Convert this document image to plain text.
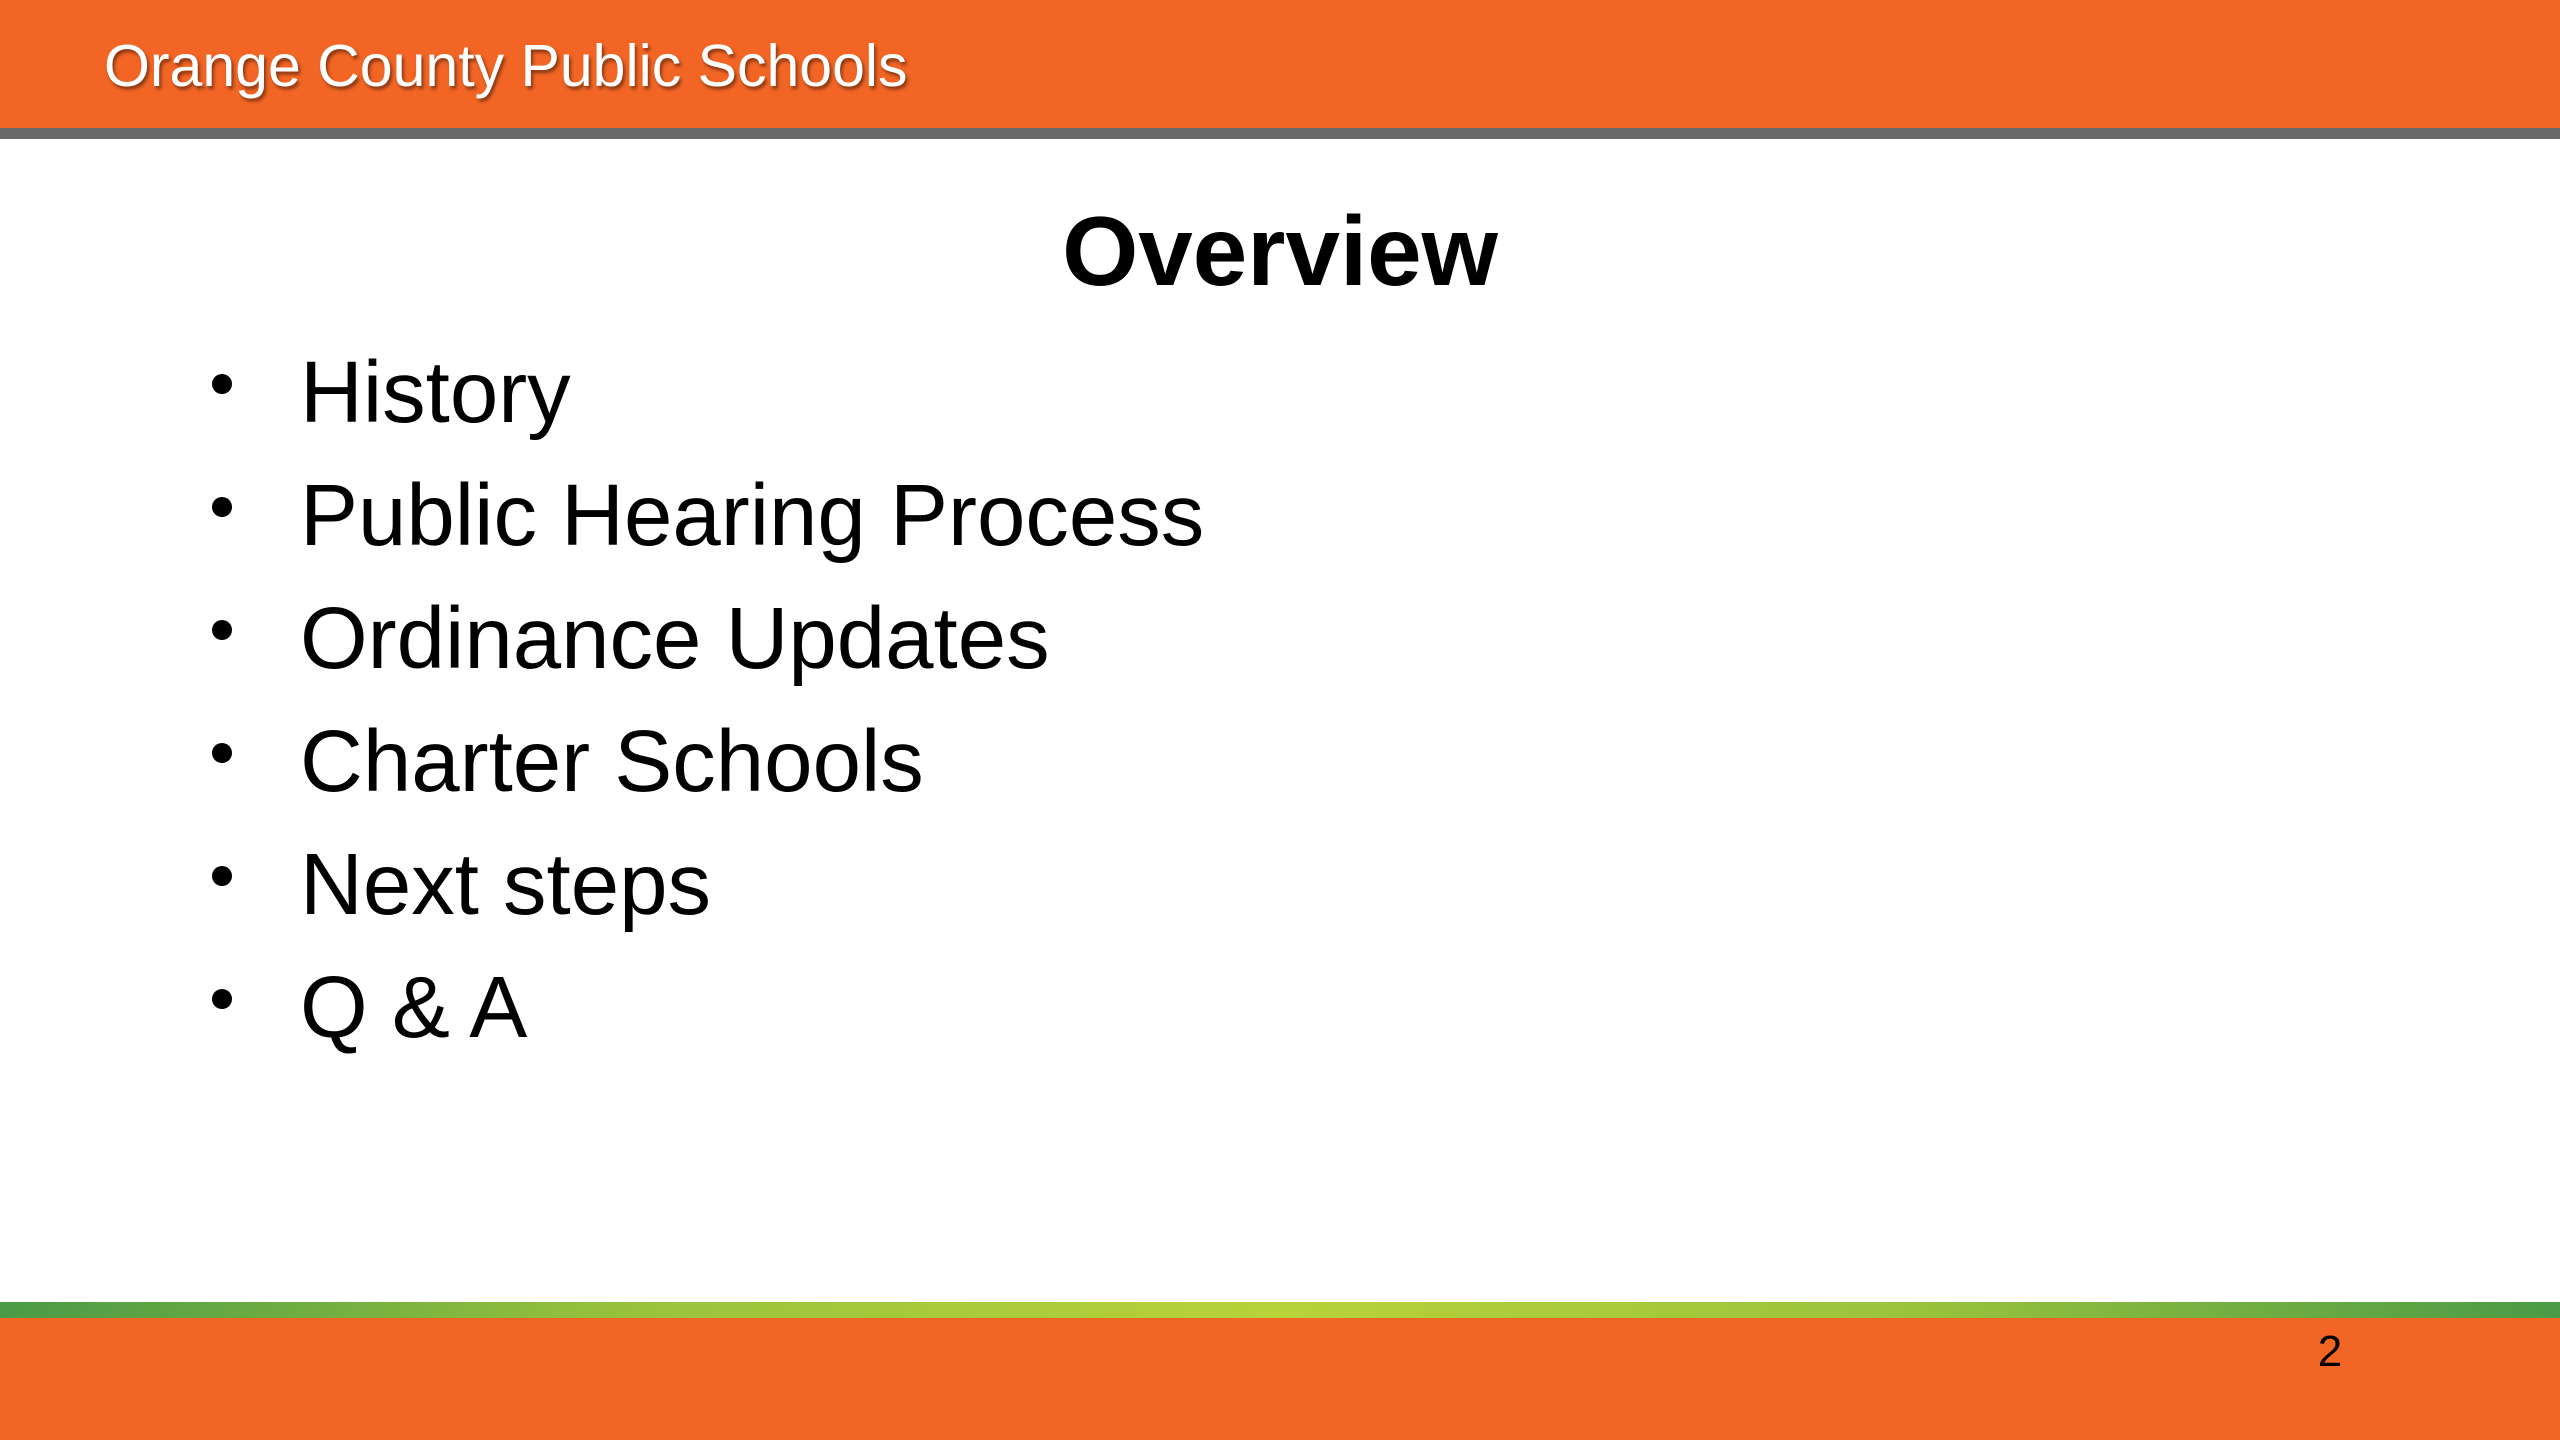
Orange County Public Schools
Overview
History
Public Hearing Process
Ordinance Updates
Charter Schools
Next steps
Q & A
2
